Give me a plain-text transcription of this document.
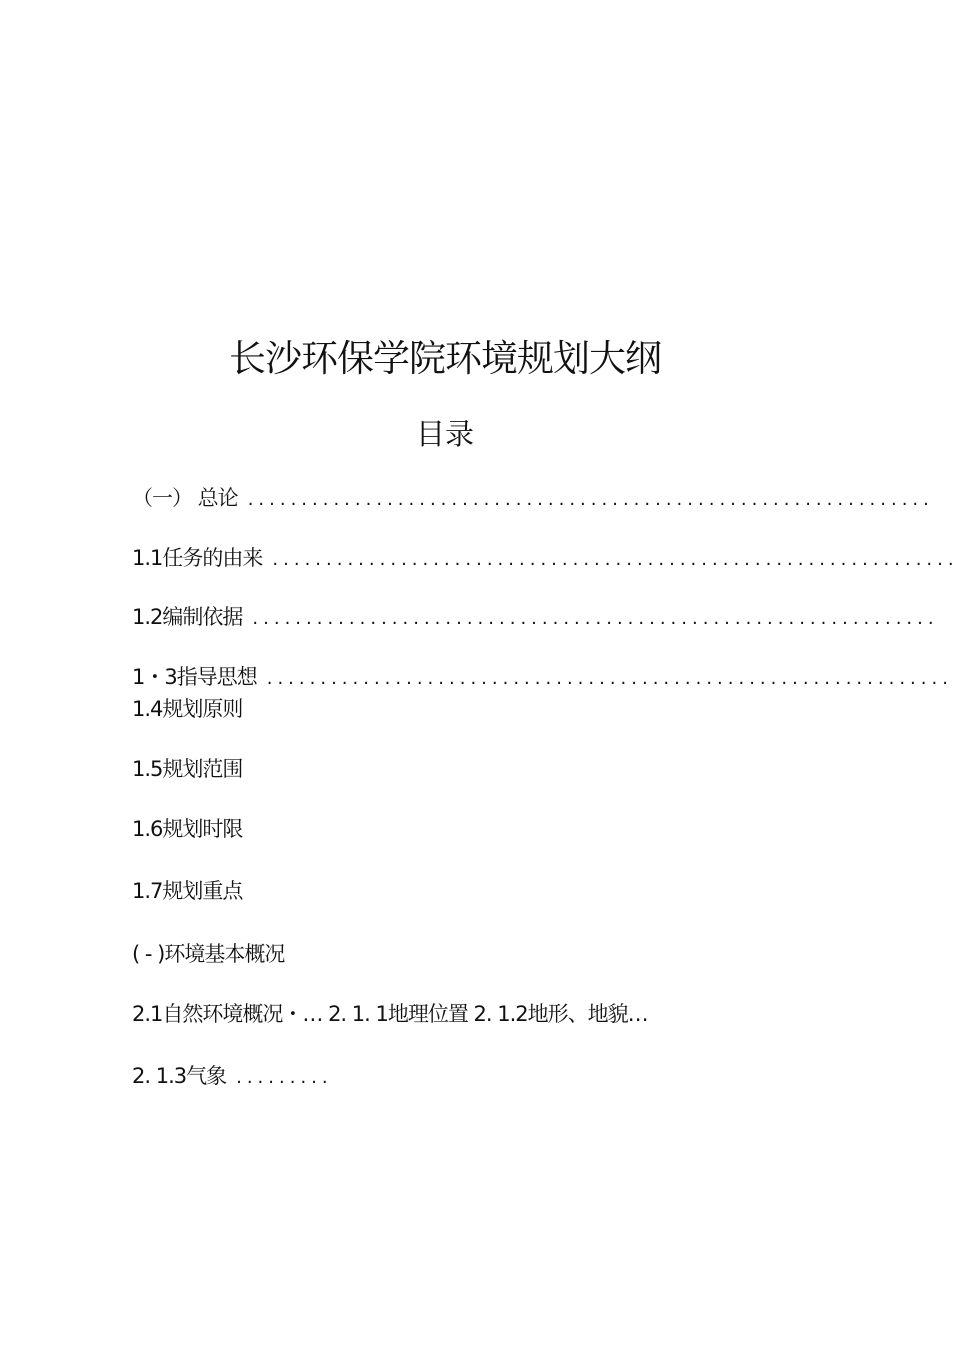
长沙环保学院环境规划大纲
目录
（一） 总论 ................................................................
1.1任务的由来 ................................................................
1.2编制依据 ................................................................
1・3指导思想 ................................................................
1.4规划原则
1.5规划范围
1.6规划时限
1.7规划重点
( - )环境基本概况
2.1自然环境概况・… 2. 1. 1地理位置 2. 1.2地形、地貌…
2. 1.3气象 .........
